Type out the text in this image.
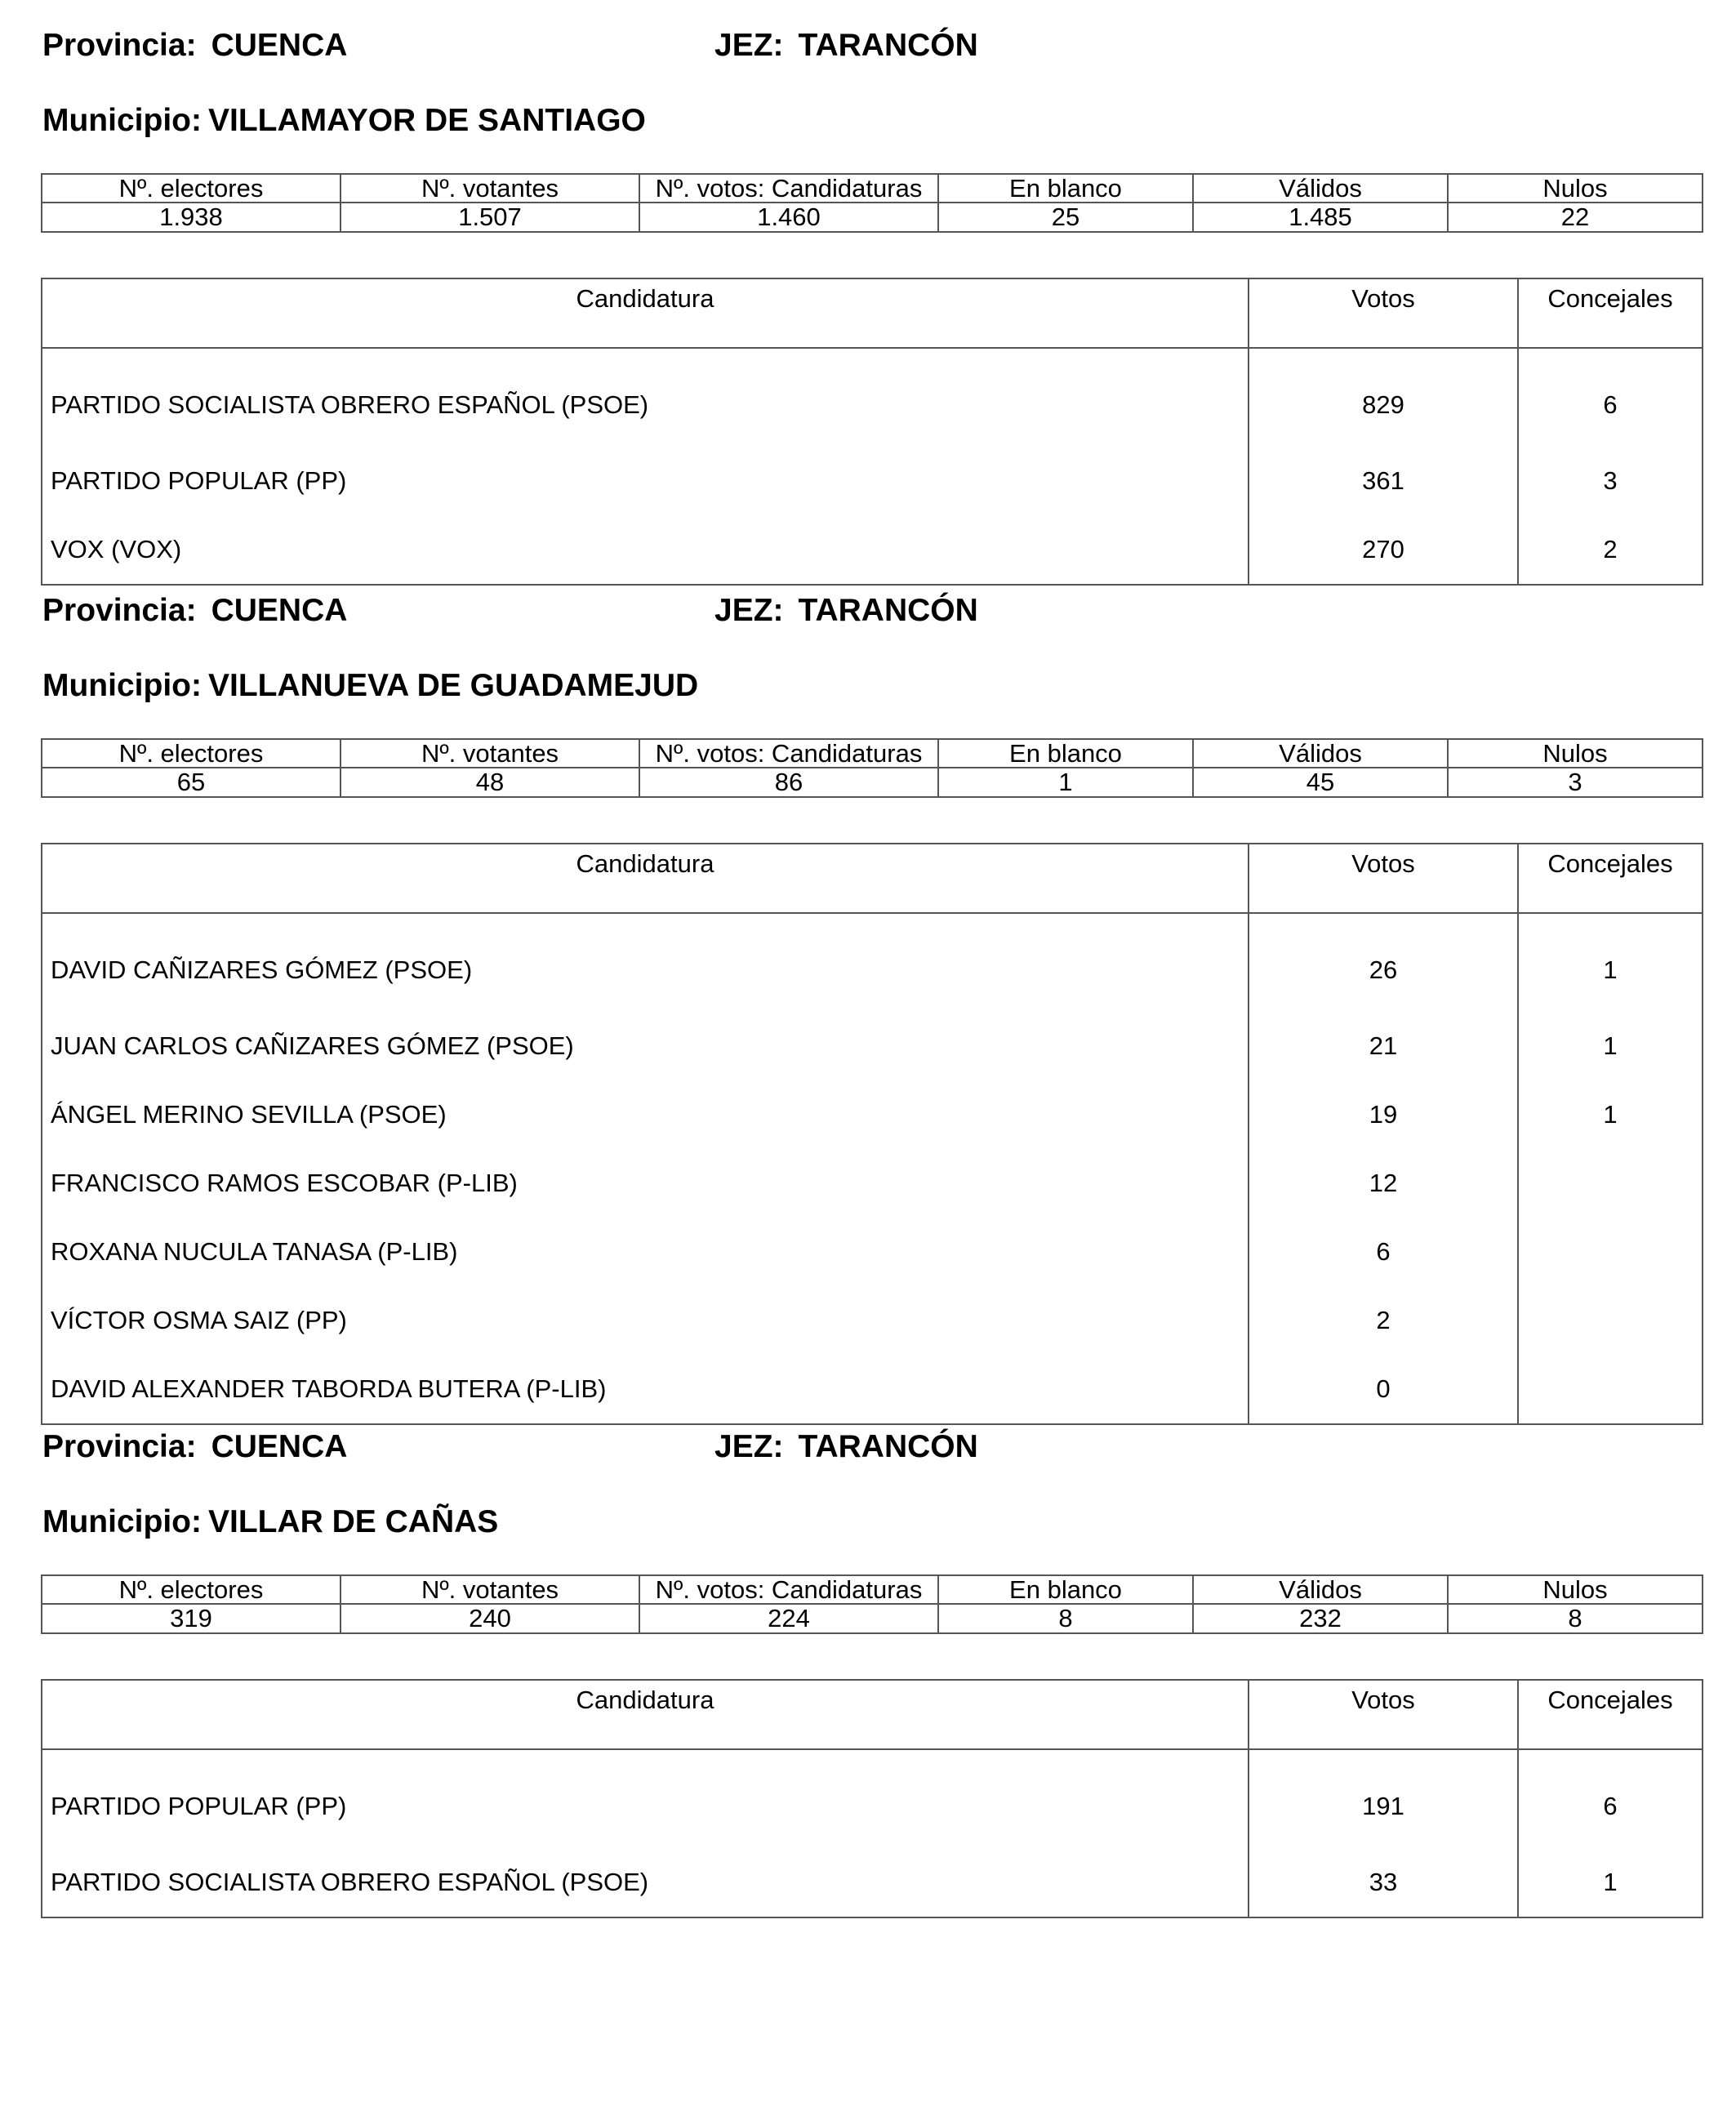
Provincia: CUENCA	JEZ: TARANCÓN
Municipio: VILLAMAYOR DE SANTIAGO
Nº. electores	Nº. votantes	Nº. votos: Candidaturas	En blanco	Válidos	Nulos
1.938	1.507	1.460	25	1.485	22
Candidatura	Votos	Concejales
PARTIDO SOCIALISTA OBRERO ESPAÑOL (PSOE)	829	6
PARTIDO POPULAR (PP)	361	3
VOX (VOX)	270	2
Provincia: CUENCA	JEZ: TARANCÓN
Municipio: VILLANUEVA DE GUADAMEJUD
Nº. electores	Nº. votantes	Nº. votos: Candidaturas	En blanco	Válidos	Nulos
65	48	86	1	45	3
Candidatura	Votos	Concejales
DAVID CAÑIZARES GÓMEZ (PSOE)	26	1
JUAN CARLOS CAÑIZARES GÓMEZ (PSOE)	21	1
ÁNGEL MERINO SEVILLA (PSOE)	19	1
FRANCISCO RAMOS ESCOBAR (P-LIB)	12	
ROXANA NUCULA TANASA (P-LIB)	6	
VÍCTOR OSMA SAIZ (PP)	2	
DAVID ALEXANDER TABORDA BUTERA (P-LIB)	0	
Provincia: CUENCA	JEZ: TARANCÓN
Municipio: VILLAR DE CAÑAS
Nº. electores	Nº. votantes	Nº. votos: Candidaturas	En blanco	Válidos	Nulos
319	240	224	8	232	8
Candidatura	Votos	Concejales
PARTIDO POPULAR (PP)	191	6
PARTIDO SOCIALISTA OBRERO ESPAÑOL (PSOE)	33	1
